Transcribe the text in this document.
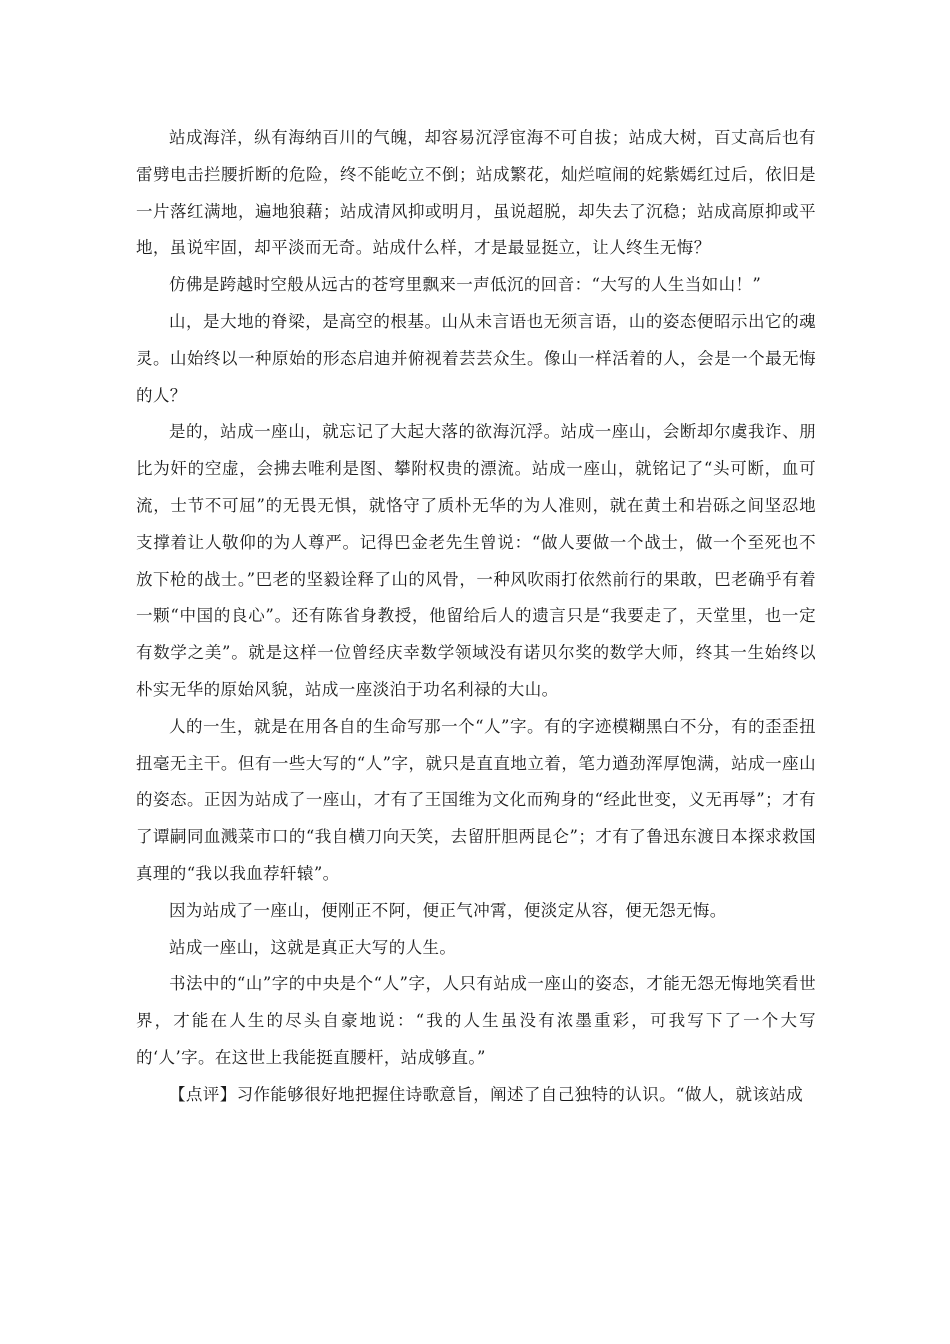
站成海洋，纵有海纳百川的气魄，却容易沉浮宦海不可自拔；站成大树，百丈高后也有雷劈电击拦腰折断的危险，终不能屹立不倒；站成繁花，灿烂喧闹的姹紫嫣红过后，依旧是一片落红满地，遍地狼藉；站成清风抑或明月，虽说超脱，却失去了沉稳；站成高原抑或平地，虽说牢固，却平淡而无奇。站成什么样，才是最显挺立，让人终生无悔？

仿佛是跨越时空般从远古的苍穹里飘来一声低沉的回音：“大写的人生当如山！”

山，是大地的脊梁，是高空的根基。山从未言语也无须言语，山的姿态便昭示出它的魂灵。山始终以一种原始的形态启迪并俯视着芸芸众生。像山一样活着的人，会是一个最无悔的人？

是的，站成一座山，就忘记了大起大落的欲海沉浮。站成一座山，会断却尔虞我诈、朋比为奸的空虚，会拂去唯利是图、攀附权贵的漂流。站成一座山，就铭记了“头可断，血可流，士节不可屈”的无畏无惧，就恪守了质朴无华的为人准则，就在黄土和岩砾之间坚忍地支撑着让人敬仰的为人尊严。记得巴金老先生曾说：“做人要做一个战士，做一个至死也不放下枪的战士。”巴老的坚毅诠释了山的风骨，一种风吹雨打依然前行的果敢，巴老确乎有着一颗“中国的良心”。还有陈省身教授，他留给后人的遗言只是“我要走了，天堂里，也一定有数学之美”。就是这样一位曾经庆幸数学领域没有诺贝尔奖的数学大师，终其一生始终以朴实无华的原始风貌，站成一座淡泊于功名利禄的大山。

人的一生，就是在用各自的生命写那一个“人”字。有的字迹模糊黑白不分，有的歪歪扭扭毫无主干。但有一些大写的“人”字，就只是直直地立着，笔力遒劲浑厚饱满，站成一座山的姿态。正因为站成了一座山，才有了王国维为文化而殉身的“经此世变，义无再辱”；才有了谭嗣同血溅菜市口的“我自横刀向天笑，去留肝胆两昆仑”；才有了鲁迅东渡日本探求救国真理的“我以我血荐轩辕”。

因为站成了一座山，便刚正不阿，便正气冲霄，便淡定从容，便无怨无悔。

站成一座山，这就是真正大写的人生。

书法中的“山”字的中央是个“人”字，人只有站成一座山的姿态，才能无怨无悔地笑看世界，才能在人生的尽头自豪地说：“我的人生虽没有浓墨重彩，可我写下了一个大写的‘人’字。在这世上我能挺直腰杆，站成够直。”

【点评】习作能够很好地把握住诗歌意旨，阐述了自己独特的认识。“做人，就该站成
